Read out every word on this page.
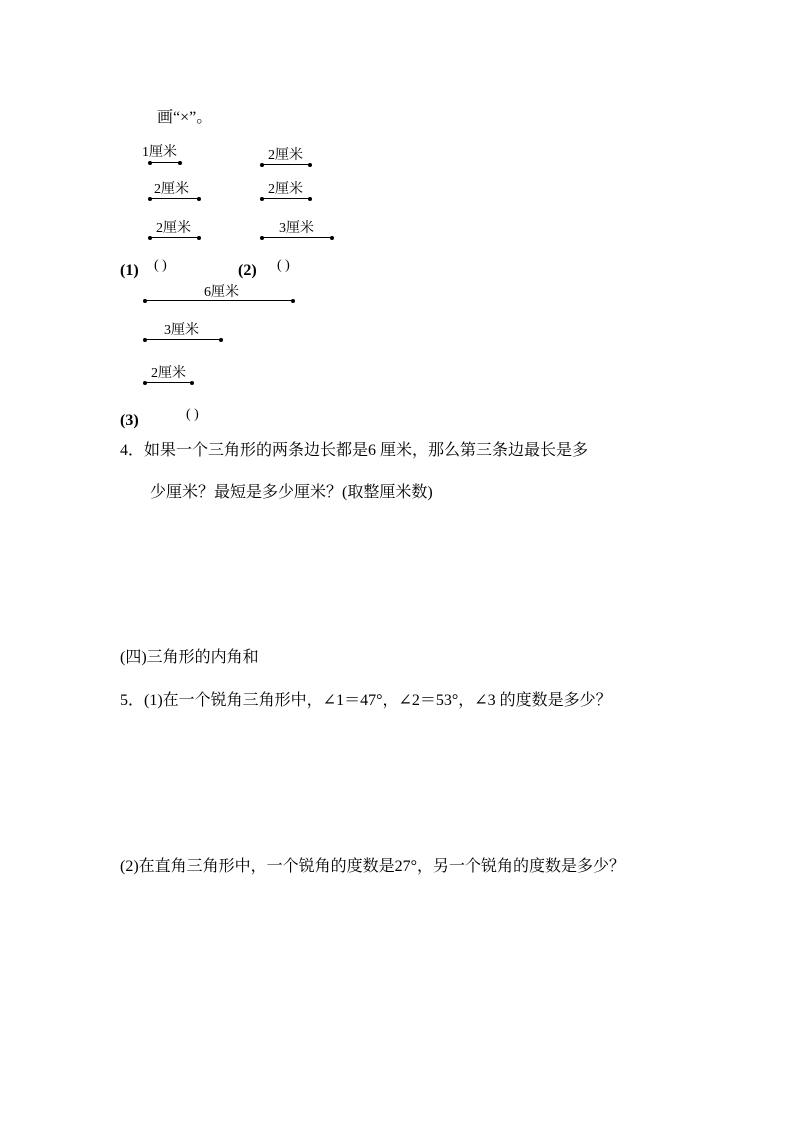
画“×”。
1厘米
2厘米
2厘米
(1) ( )
2厘米
2厘米
3厘米
(2) ( )
6厘米
3厘米
2厘米
(3)	( )
4．如果一个三角形的两条边长都是6 厘米，那么第三条边最长是多
少厘米？最短是多少厘米？(取整厘米数)
(四)三角形的内角和
5．(1)在一个锐角三角形中，∠1＝47°，∠2＝53°，∠3 的度数是多少？
(2)在直角三角形中，一个锐角的度数是27°，另一个锐角的度数是多少？
